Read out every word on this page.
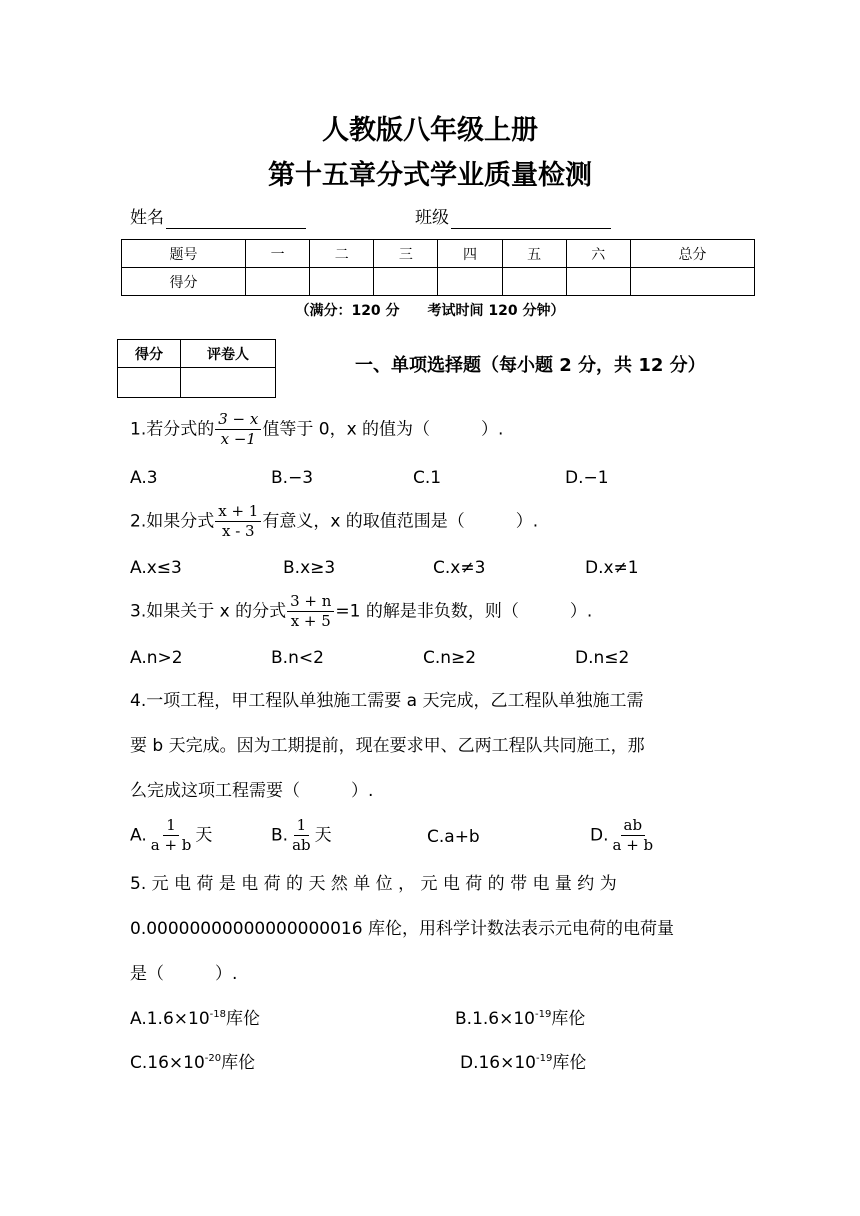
人教版八年级上册
第十五章分式学业质量检测
姓名	班级
题号	一	二	三	四	五	六	总分
得分							
（满分：120 分　　考试时间 120 分钟）
得分	评卷人

一、单项选择题（每小题 2 分，共 12 分）
1.若分式的 $\frac{3 - x}{x -1}$ 值等于 0，x 的值为（　　　）.
A.3	B.−3	C.1	D.−1
2.如果分式 $\frac{x + 1}{x - 3}$ 有意义，x 的取值范围是（　　　）.
A.x≤3	B.x≥3	C.x≠3	D.x≠1
3.如果关于 x 的分式 $\frac{3 + n}{x + 5} =1$ 的解是非负数，则（　　　）.
A.n>2	B.n<2	C.n≥2	D.n≤2
4.一项工程，甲工程队单独施工需要 a 天完成，乙工程队单独施工需
要 b 天完成。因为工期提前，现在要求甲、乙两工程队共同施工，那
么完成这项工程需要（　　　）.
A. $\frac{1}{a + b}$ 天	B. $\frac{1}{ab}$ 天	C.a+b	D. $\frac{ab}{a + b}$
5. 元 电 荷 是 电 荷 的 天 然 单 位 ， 元 电 荷 的 带 电 量 约 为
0.00000000000000000016 库伦，用科学计数法表示元电荷的电荷量
是（　　　）.
$A.1.6\times 10^{-18}$库伦	$B.1.6\times 10^{-19}$库伦
$C.16\times 10^{-20}$库伦	$D.16\times 10^{-19}$库伦
